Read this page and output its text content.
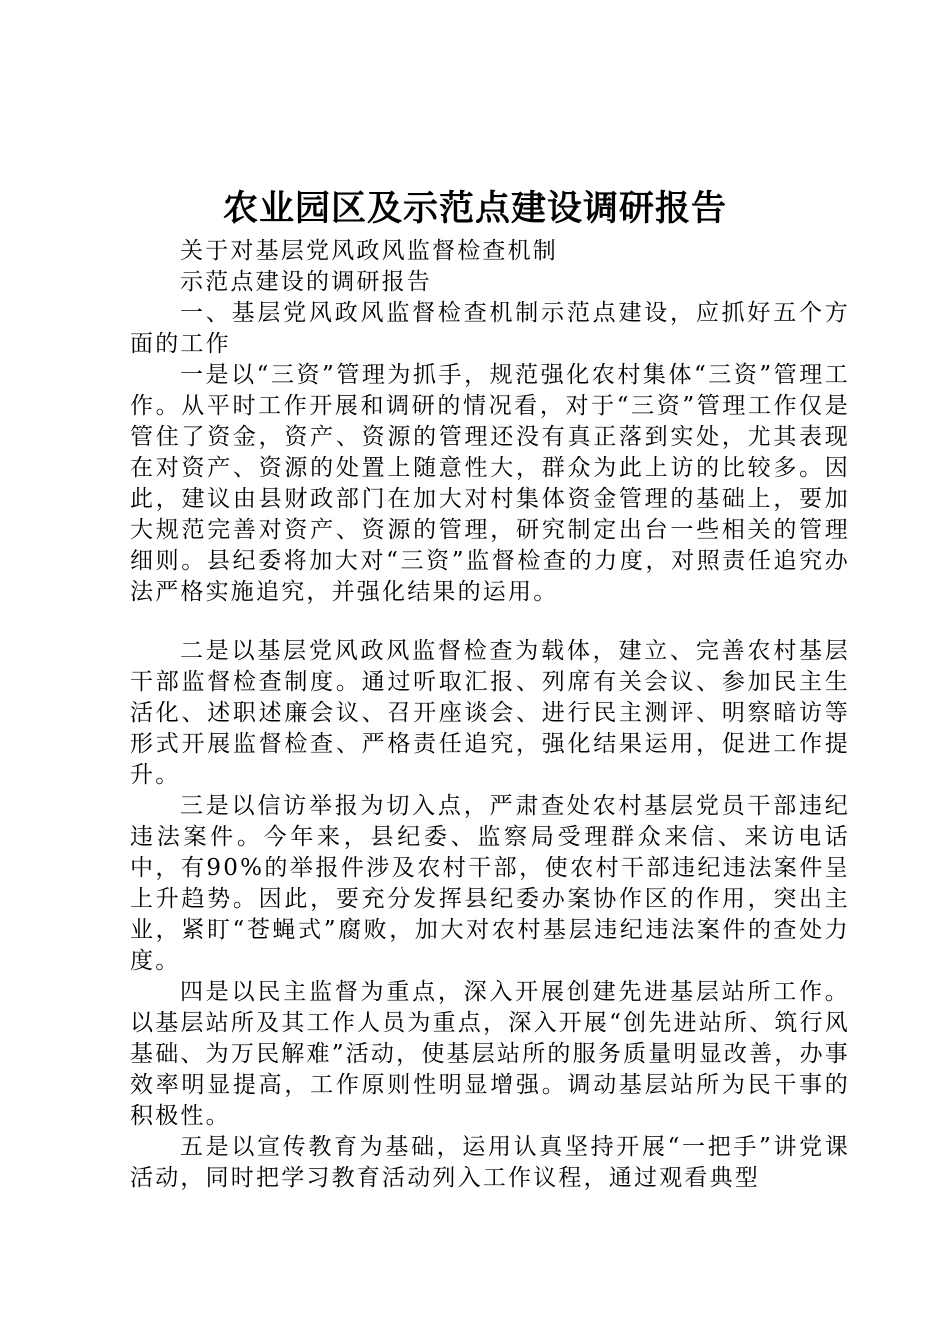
农业园区及示范点建设调研报告

关于对基层党风政风监督检查机制

示范点建设的调研报告

一、基层党风政风监督检查机制示范点建设，应抓好五个方面的工作

一是以“三资”管理为抓手，规范强化农村集体“三资”管理工作。从平时工作开展和调研的情况看，对于“三资”管理工作仅是管住了资金，资产、资源的管理还没有真正落到实处，尤其表现在对资产、资源的处置上随意性大，群众为此上访的比较多。因此，建议由县财政部门在加大对村集体资金管理的基础上，要加大规范完善对资产、资源的管理，研究制定出台一些相关的管理细则。县纪委将加大对“三资”监督检查的力度，对照责任追究办法严格实施追究，并强化结果的运用。

二是以基层党风政风监督检查为载体，建立、完善农村基层干部监督检查制度。通过听取汇报、列席有关会议、参加民主生活化、述职述廉会议、召开座谈会、进行民主测评、明察暗访等形式开展监督检查、严格责任追究，强化结果运用，促进工作提升。

三是以信访举报为切入点，严肃查处农村基层党员干部违纪违法案件。今年来，县纪委、监察局受理群众来信、来访电话中，有90%的举报件涉及农村干部，使农村干部违纪违法案件呈上升趋势。因此，要充分发挥县纪委办案协作区的作用，突出主业，紧盯“苍蝇式”腐败，加大对农村基层违纪违法案件的查处力度。

四是以民主监督为重点，深入开展创建先进基层站所工作。以基层站所及其工作人员为重点，深入开展“创先进站所、筑行风基础、为万民解难”活动，使基层站所的服务质量明显改善，办事效率明显提高，工作原则性明显增强。调动基层站所为民干事的积极性。

五是以宣传教育为基础，运用认真坚持开展“一把手”讲党课活动，同时把学习教育活动列入工作议程，通过观看典型
